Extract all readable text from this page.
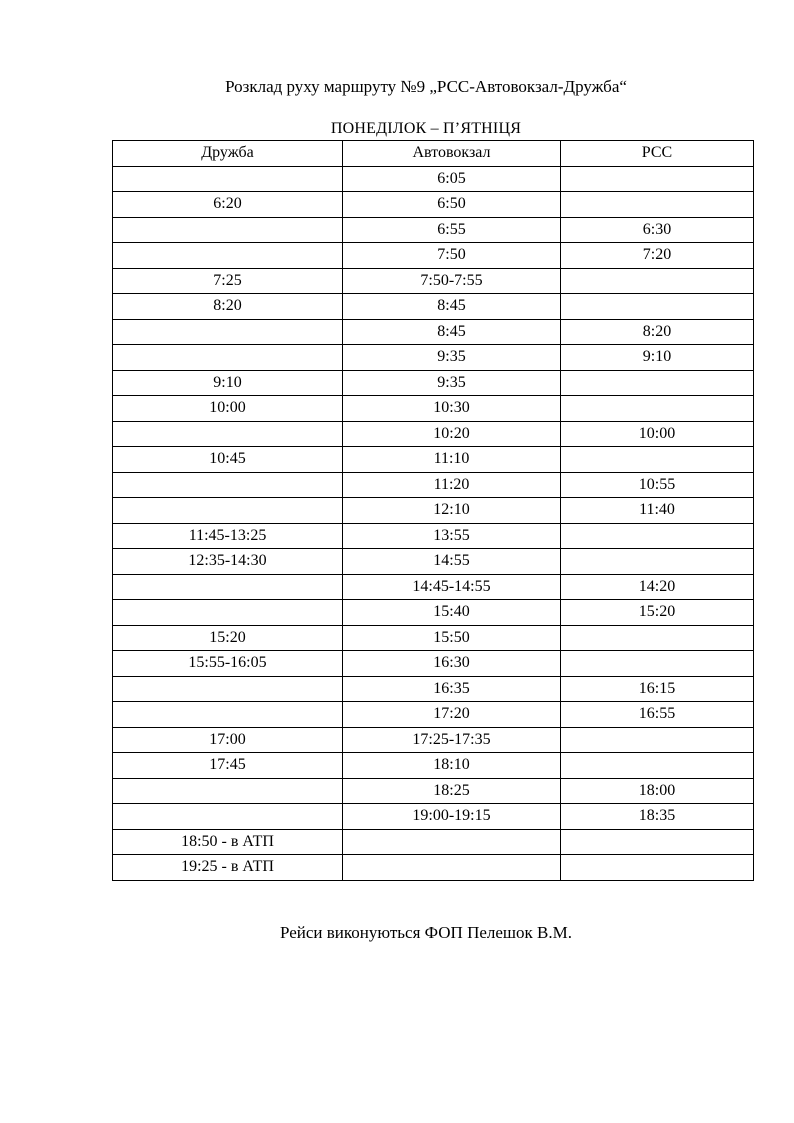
Розклад руху маршруту №9 „РСС-Автовокзал-Дружба“
ПОНЕДІЛОК – П’ЯТНІЦЯ
Дружба	Автовокзал	РСС
	6:05	
6:20	6:50	
	6:55	6:30
	7:50	7:20
7:25	7:50-7:55	
8:20	8:45	
	8:45	8:20
	9:35	9:10
9:10	9:35	
10:00	10:30	
	10:20	10:00
10:45	11:10	
	11:20	10:55
	12:10	11:40
11:45-13:25	13:55	
12:35-14:30	14:55	
	14:45-14:55	14:20
	15:40	15:20
15:20	15:50	
15:55-16:05	16:30	
	16:35	16:15
	17:20	16:55
17:00	17:25-17:35	
17:45	18:10	
	18:25	18:00
	19:00-19:15	18:35
18:50 - в АТП		
19:25 - в АТП		
Рейси виконуються ФОП Пелешок В.М.
